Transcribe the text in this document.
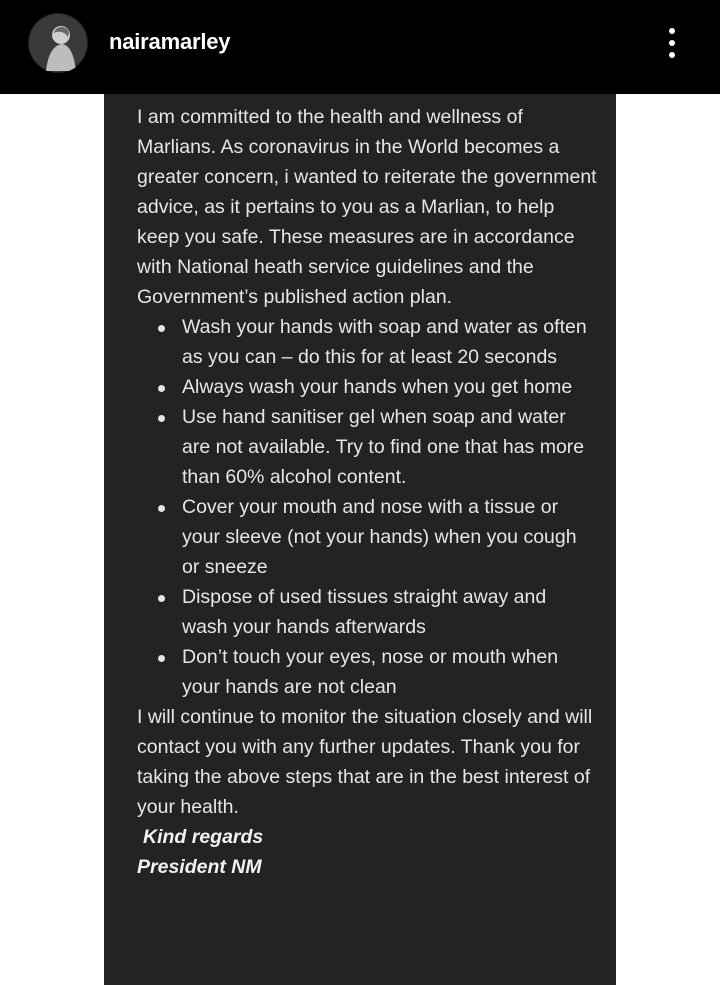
nairamarley

I am committed to the health and wellness of Marlians. As coronavirus in the World becomes a greater concern, i wanted to reiterate the government advice, as it pertains to you as a Marlian, to help keep you safe. These measures are in accordance with National heath service guidelines and the Government’s published action plan.

Wash your hands with soap and water as often as you can – do this for at least 20 seconds
Always wash your hands when you get home
Use hand sanitiser gel when soap and water are not available. Try to find one that has more than 60% alcohol content.
Cover your mouth and nose with a tissue or your sleeve (not your hands) when you cough or sneeze
Dispose of used tissues straight away and wash your hands afterwards
Don’t touch your eyes, nose or mouth when your hands are not clean

I will continue to monitor the situation closely and will contact you with any further updates. Thank you for taking the above steps that are in the best interest of your health.

Kind regards

President NM
